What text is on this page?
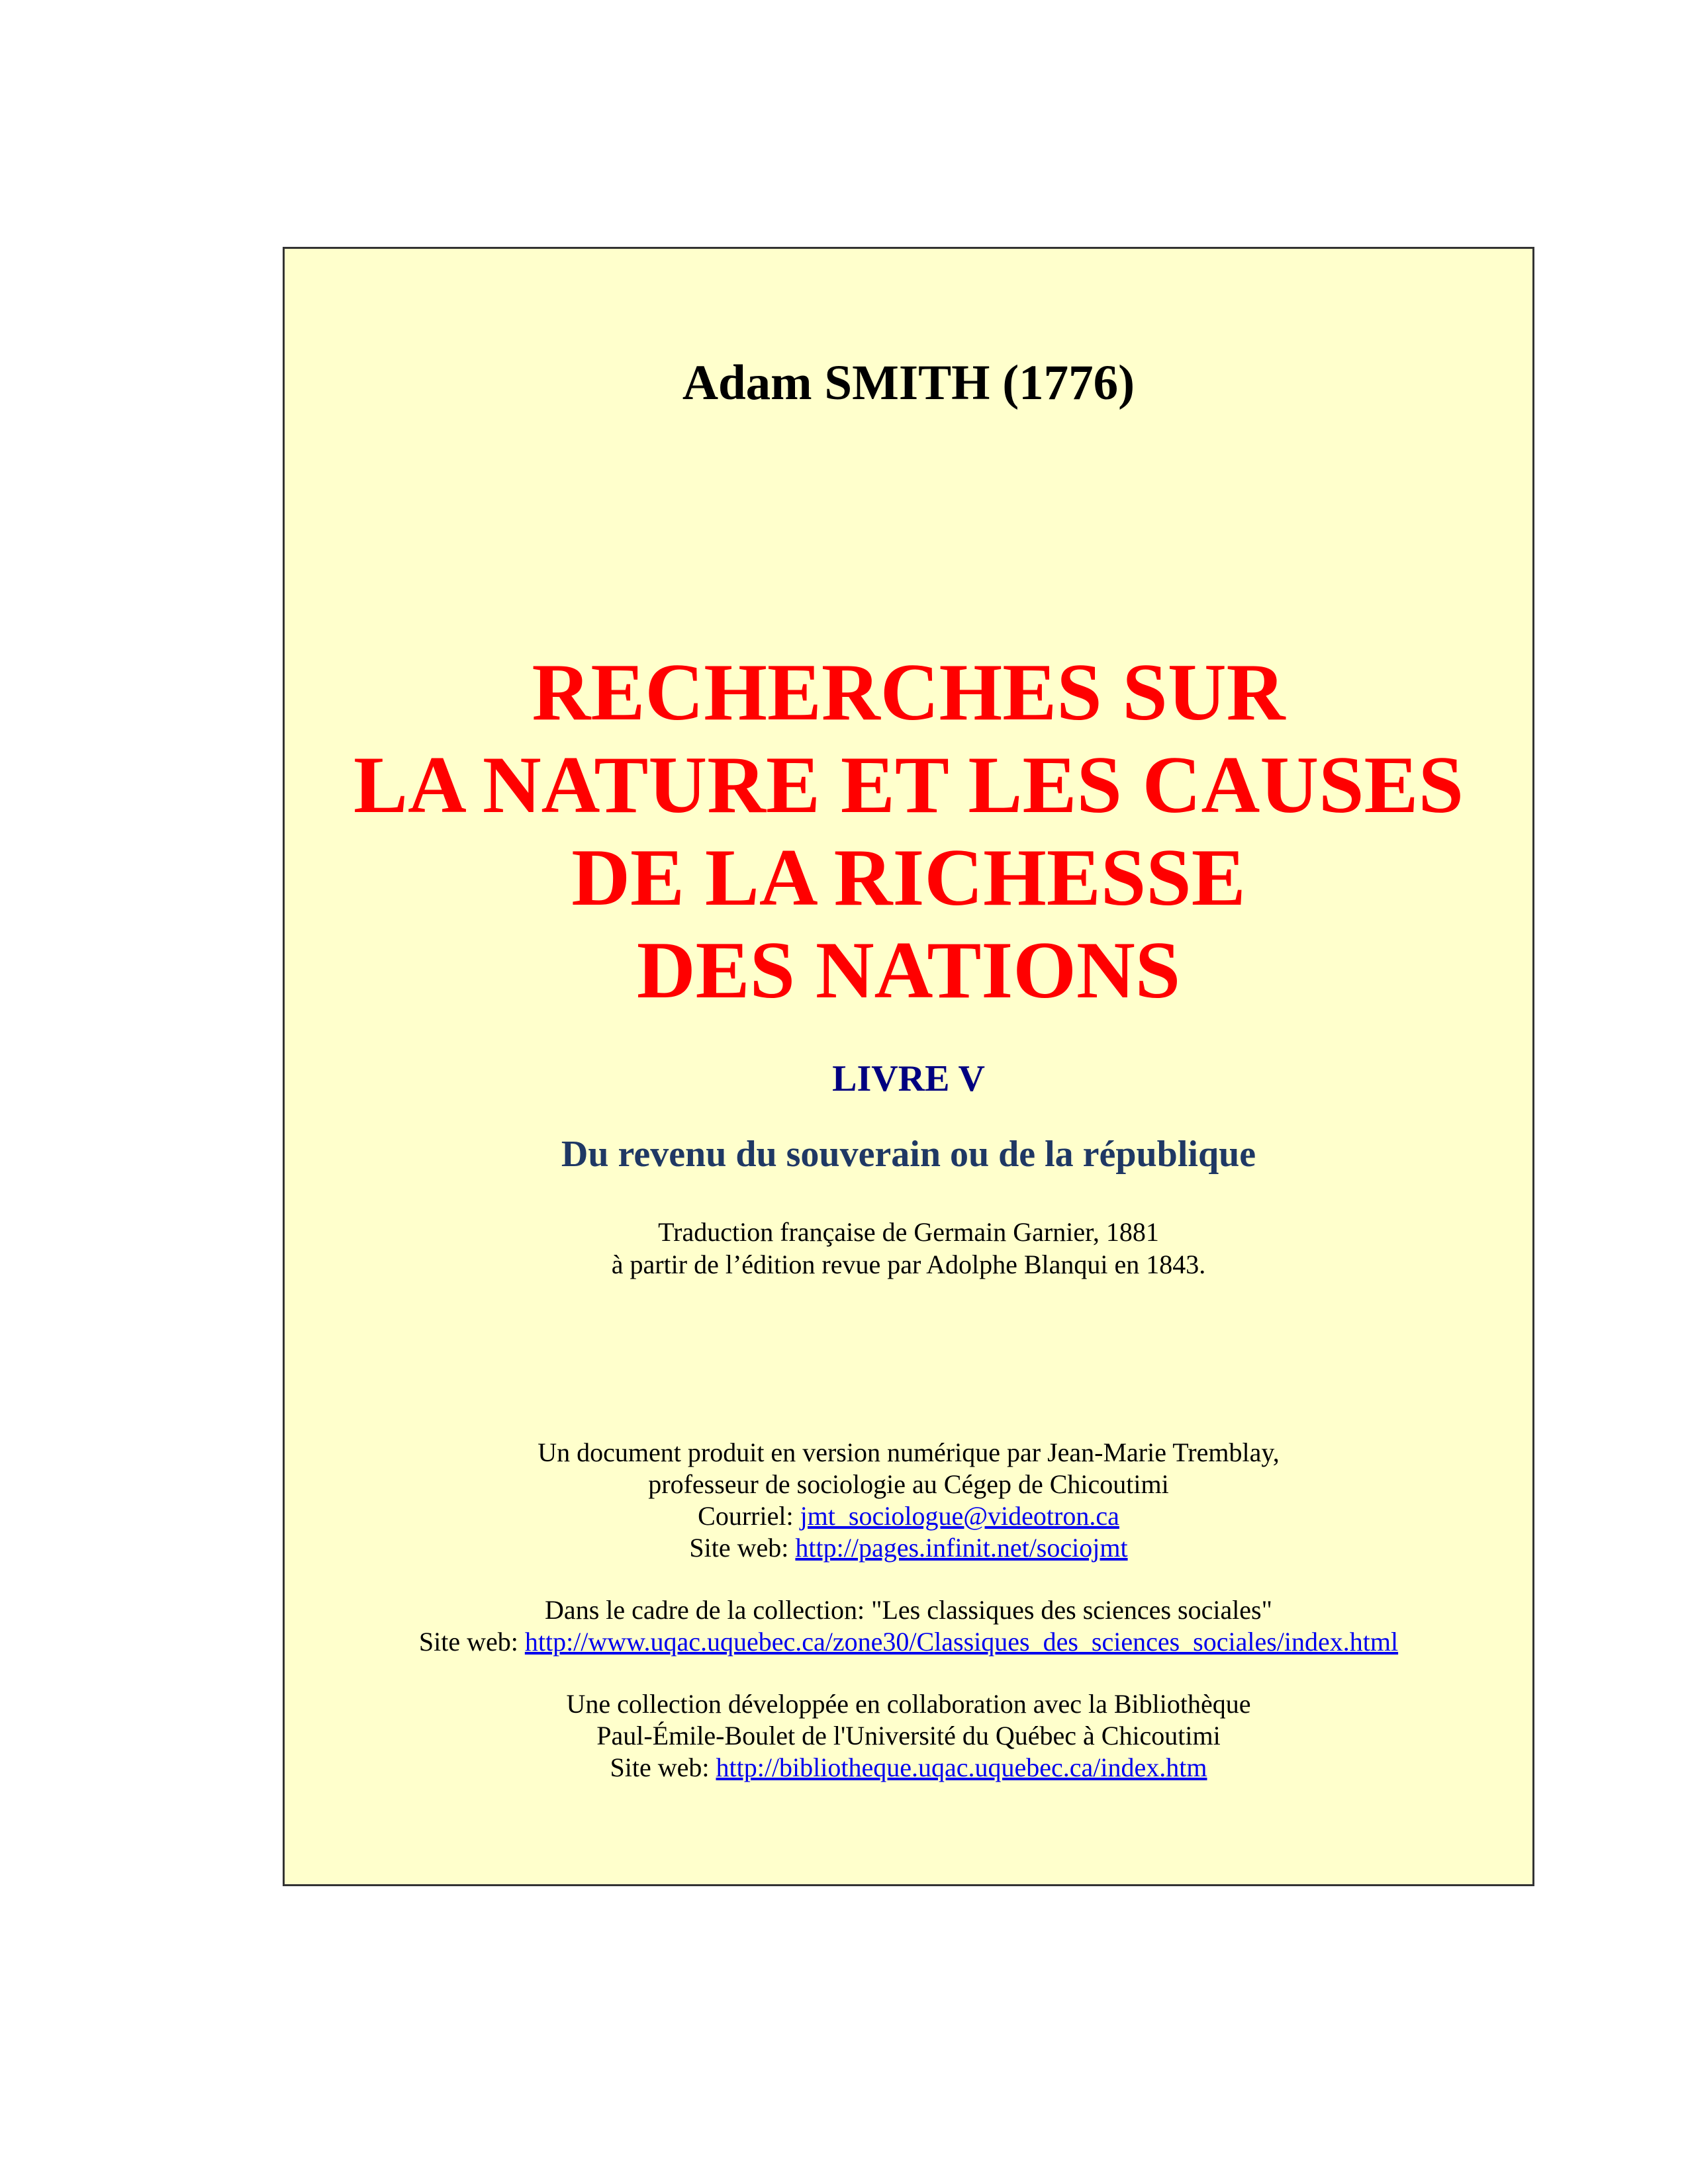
Adam SMITH (1776)
RECHERCHES SUR
LA NATURE ET LES CAUSES
DE LA RICHESSE
DES NATIONS
LIVRE V
Du revenu du souverain ou de la république
Traduction française de Germain Garnier, 1881
à partir de l’édition revue par Adolphe Blanqui en 1843.
Un document produit en version numérique par Jean-Marie Tremblay,
professeur de sociologie au Cégep de Chicoutimi
Courriel: jmt_sociologue@videotron.ca
Site web: http://pages.infinit.net/sociojmt
Dans le cadre de la collection: "Les classiques des sciences sociales"
Site web: http://www.uqac.uquebec.ca/zone30/Classiques_des_sciences_sociales/index.html
Une collection développée en collaboration avec la Bibliothèque
Paul-Émile-Boulet de l'Université du Québec à Chicoutimi
Site web: http://bibliotheque.uqac.uquebec.ca/index.htm
